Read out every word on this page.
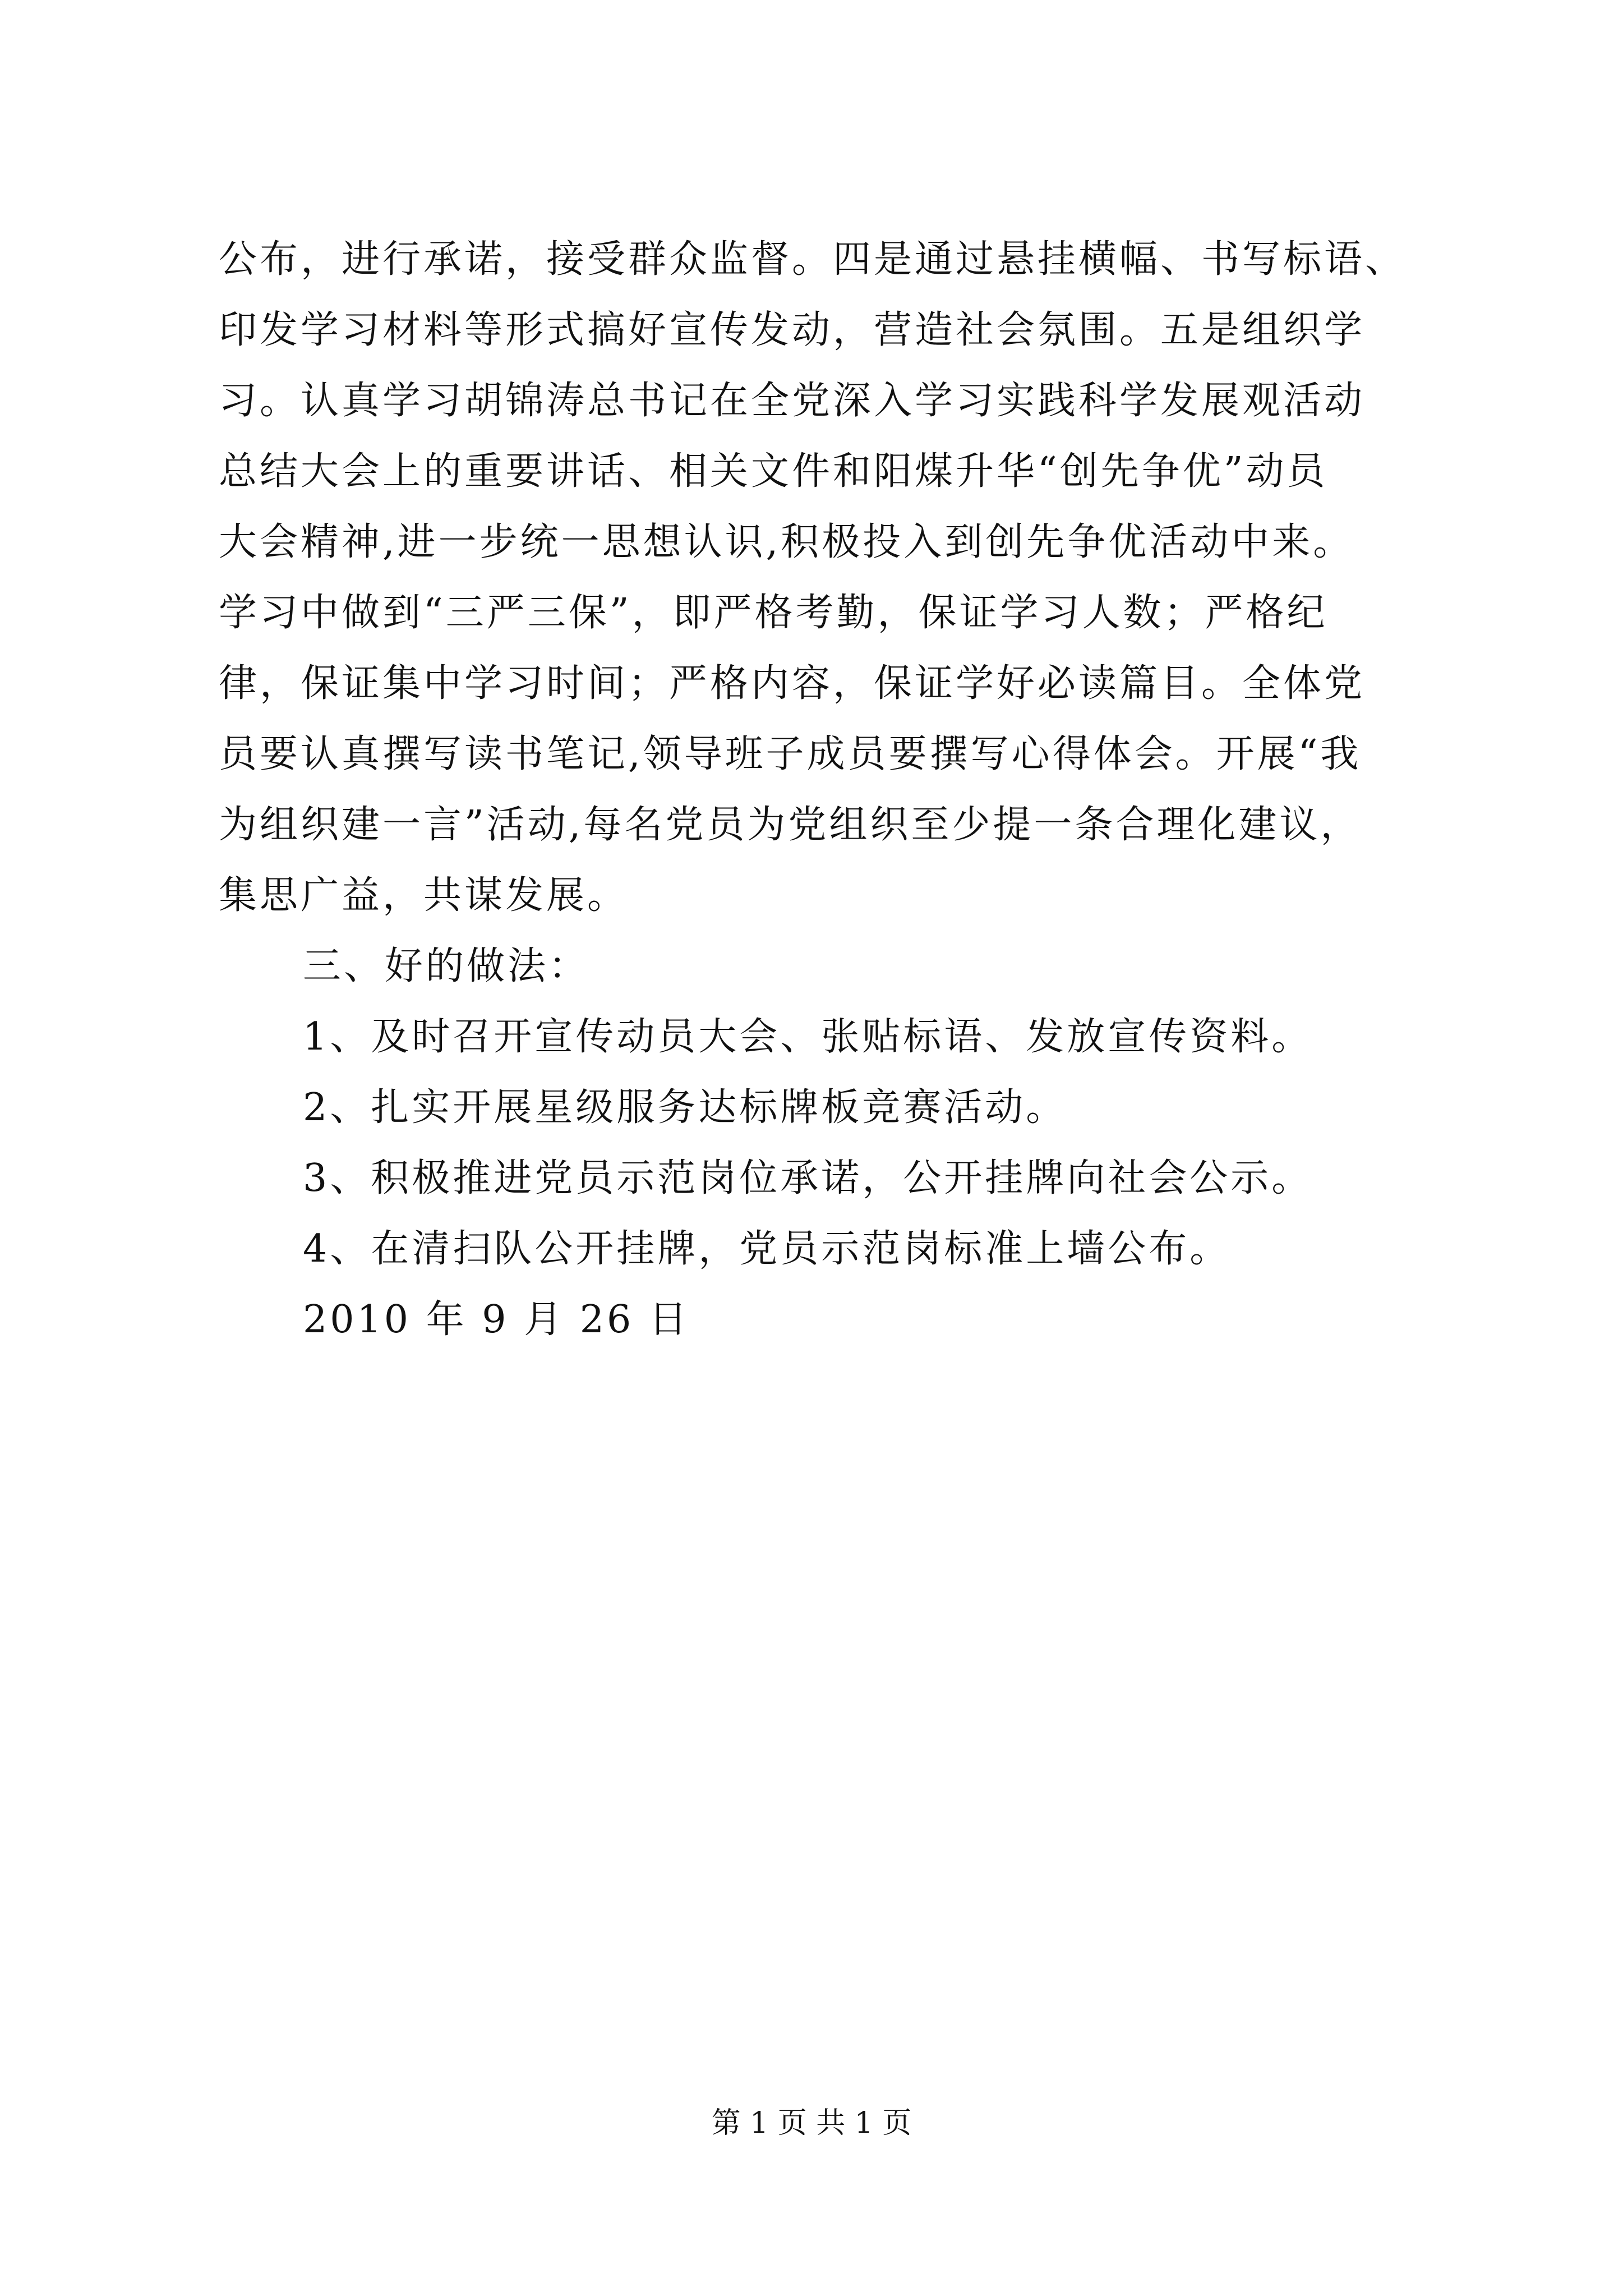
公布，进行承诺，接受群众监督。四是通过悬挂横幅、书写标语、
印发学习材料等形式搞好宣传发动，营造社会氛围。五是组织学
习。认真学习胡锦涛总书记在全党深入学习实践科学发展观活动
总结大会上的重要讲话、相关文件和阳煤升华“创先争优”动员
大会精神,进一步统一思想认识,积极投入到创先争优活动中来。
学习中做到“三严三保”，即严格考勤，保证学习人数；严格纪
律，保证集中学习时间；严格内容，保证学好必读篇目。全体党
员要认真撰写读书笔记,领导班子成员要撰写心得体会。开展“我
为组织建一言”活动,每名党员为党组织至少提一条合理化建议，
集思广益，共谋发展。
三、好的做法：
1、及时召开宣传动员大会、张贴标语、发放宣传资料。
2、扎实开展星级服务达标牌板竞赛活动。
3、积极推进党员示范岗位承诺，公开挂牌向社会公示。
4、在清扫队公开挂牌，党员示范岗标准上墙公布。
2010 年 9 月 26 日
第 1 页 共 1 页
